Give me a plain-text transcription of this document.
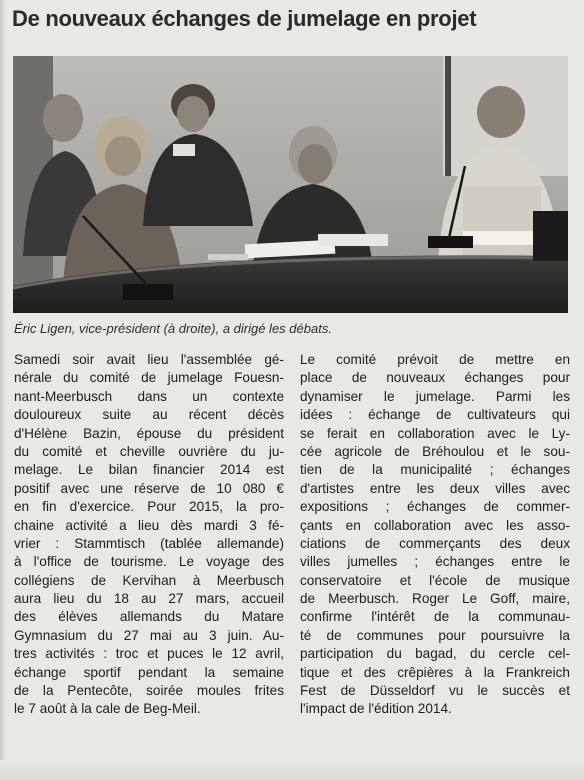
De nouveaux échanges de jumelage en projet
Éric Ligen, vice-président (à droite), a dirigé les débats.
Samedi soir avait lieu l'assemblée gé-
nérale du comité de jumelage Fouesn-
nant-Meerbusch dans un contexte
douloureux suite au récent décès
d'Hélène Bazin, épouse du président
du comité et cheville ouvrière du ju-
melage. Le bilan financier 2014 est
positif avec une réserve de 10 080 €
en fin d'exercice. Pour 2015, la pro-
chaine activité a lieu dès mardi 3 fé-
vrier : Stammtisch (tablée allemande)
à l'office de tourisme. Le voyage des
collégiens de Kervihan à Meerbusch
aura lieu du 18 au 27 mars, accueil
des élèves allemands du Matare
Gymnasium du 27 mai au 3 juin. Au-
tres activités : troc et puces le 12 avril,
échange sportif pendant la semaine
de la Pentecôte, soirée moules frites
le 7 août à la cale de Beg-Meil.
Le comité prévoit de mettre en
place de nouveaux échanges pour
dynamiser le jumelage. Parmi les
idées : échange de cultivateurs qui
se ferait en collaboration avec le Ly-
cée agricole de Bréhoulou et le sou-
tien de la municipalité ; échanges
d'artistes entre les deux villes avec
expositions ; échanges de commer-
çants en collaboration avec les asso-
ciations de commerçants des deux
villes jumelles ; échanges entre le
conservatoire et l'école de musique
de Meerbusch. Roger Le Goff, maire,
confirme l'intérêt de la communau-
té de communes pour poursuivre la
participation du bagad, du cercle cel-
tique et des crêpières à la Frankreich
Fest de Düsseldorf vu le succès et
l'impact de l'édition 2014.
